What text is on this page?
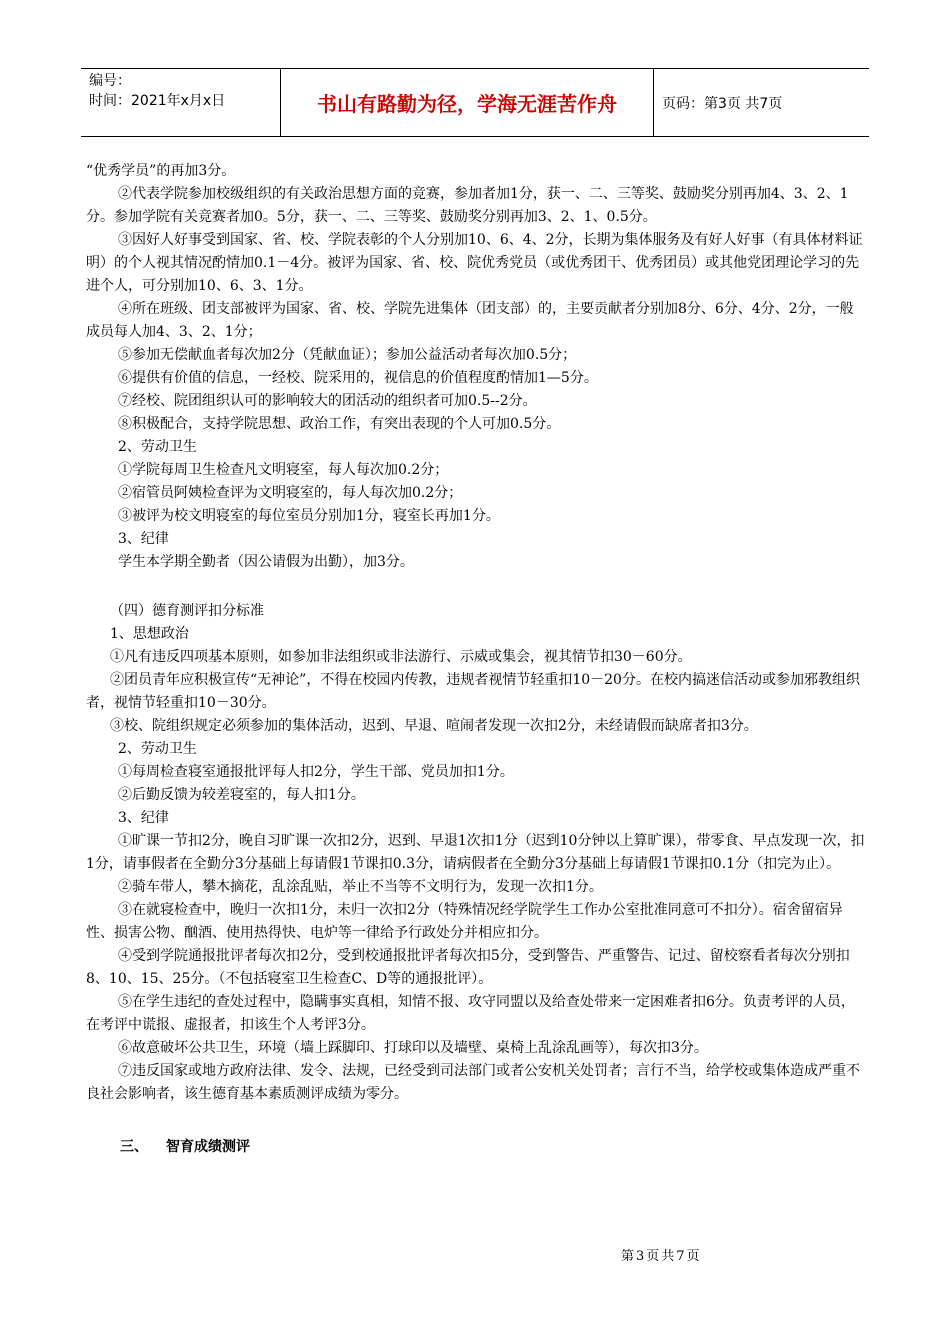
编号：
时间：2021年x月x日	书山有路勤为径，学海无涯苦作舟	页码：第3页 共7页

“优秀学员”的再加3分。

②代表学院参加校级组织的有关政治思想方面的竞赛，参加者加1分，获一、二、三等奖、鼓励奖分别再加4、3、2、1分。参加学院有关竞赛者加0。5分，获一、二、三等奖、鼓励奖分别再加3、2、1、0.5分。

③因好人好事受到国家、省、校、学院表彰的个人分别加10、6、4、2分，长期为集体服务及有好人好事（有具体材料证明）的个人视其情况酌情加0.1－4分。被评为国家、省、校、院优秀党员（或优秀团干、优秀团员）或其他党团理论学习的先进个人，可分别加10、6、3、1分。

④所在班级、团支部被评为国家、省、校、学院先进集体（团支部）的，主要贡献者分别加8分、6分、4分、2分，一般成员每人加4、3、2、1分；

⑤参加无偿献血者每次加2分（凭献血证）；参加公益活动者每次加0.5分；

⑥提供有价值的信息，一经校、院采用的，视信息的价值程度酌情加1—5分。

⑦经校、院团组织认可的影响较大的团活动的组织者可加0.5--2分。

⑧积极配合，支持学院思想、政治工作，有突出表现的个人可加0.5分。

2、劳动卫生

①学院每周卫生检查凡文明寝室，每人每次加0.2分；

②宿管员阿姨检查评为文明寝室的，每人每次加0.2分；

③被评为校文明寝室的每位室员分别加1分，寝室长再加1分。

3、纪律

学生本学期全勤者（因公请假为出勤），加3分。

（四）德育测评扣分标准

1、思想政治

①凡有违反四项基本原则，如参加非法组织或非法游行、示威或集会，视其情节扣30－60分。

②团员青年应积极宣传“无神论”，不得在校园内传教，违规者视情节轻重扣10－20分。在校内搞迷信活动或参加邪教组织者，视情节轻重扣10－30分。

③校、院组织规定必须参加的集体活动，迟到、早退、喧闹者发现一次扣2分，未经请假而缺席者扣3分。

2、劳动卫生

①每周检查寝室通报批评每人扣2分，学生干部、党员加扣1分。

②后勤反馈为较差寝室的，每人扣1分。

3、纪律

①旷课一节扣2分，晚自习旷课一次扣2分，迟到、早退1次扣1分（迟到10分钟以上算旷课），带零食、早点发现一次，扣1分，请事假者在全勤分3分基础上每请假1节课扣0.3分，请病假者在全勤分3分基础上每请假1节课扣0.1分（扣完为止）。

②骑车带人，攀木摘花，乱涂乱贴，举止不当等不文明行为，发现一次扣1分。

③在就寝检查中，晚归一次扣1分，未归一次扣2分（特殊情况经学院学生工作办公室批准同意可不扣分）。宿舍留宿异性、损害公物、酗酒、使用热得快、电炉等一律给予行政处分并相应扣分。

④受到学院通报批评者每次扣2分，受到校通报批评者每次扣5分，受到警告、严重警告、记过、留校察看者每次分别扣8、10、15、25分。（不包括寝室卫生检查C、D等的通报批评）。

⑤在学生违纪的查处过程中，隐瞒事实真相，知情不报、攻守同盟以及给查处带来一定困难者扣6分。负责考评的人员，在考评中谎报、虚报者，扣该生个人考评3分。

⑥故意破坏公共卫生，环境（墙上踩脚印、打球印以及墙壁、桌椅上乱涂乱画等），每次扣3分。

⑦违反国家或地方政府法律、发令、法规，已经受到司法部门或者公安机关处罚者；言行不当，给学校或集体造成严重不良社会影响者，该生德育基本素质测评成绩为零分。

三、 智育成绩测评

第3页共7页
